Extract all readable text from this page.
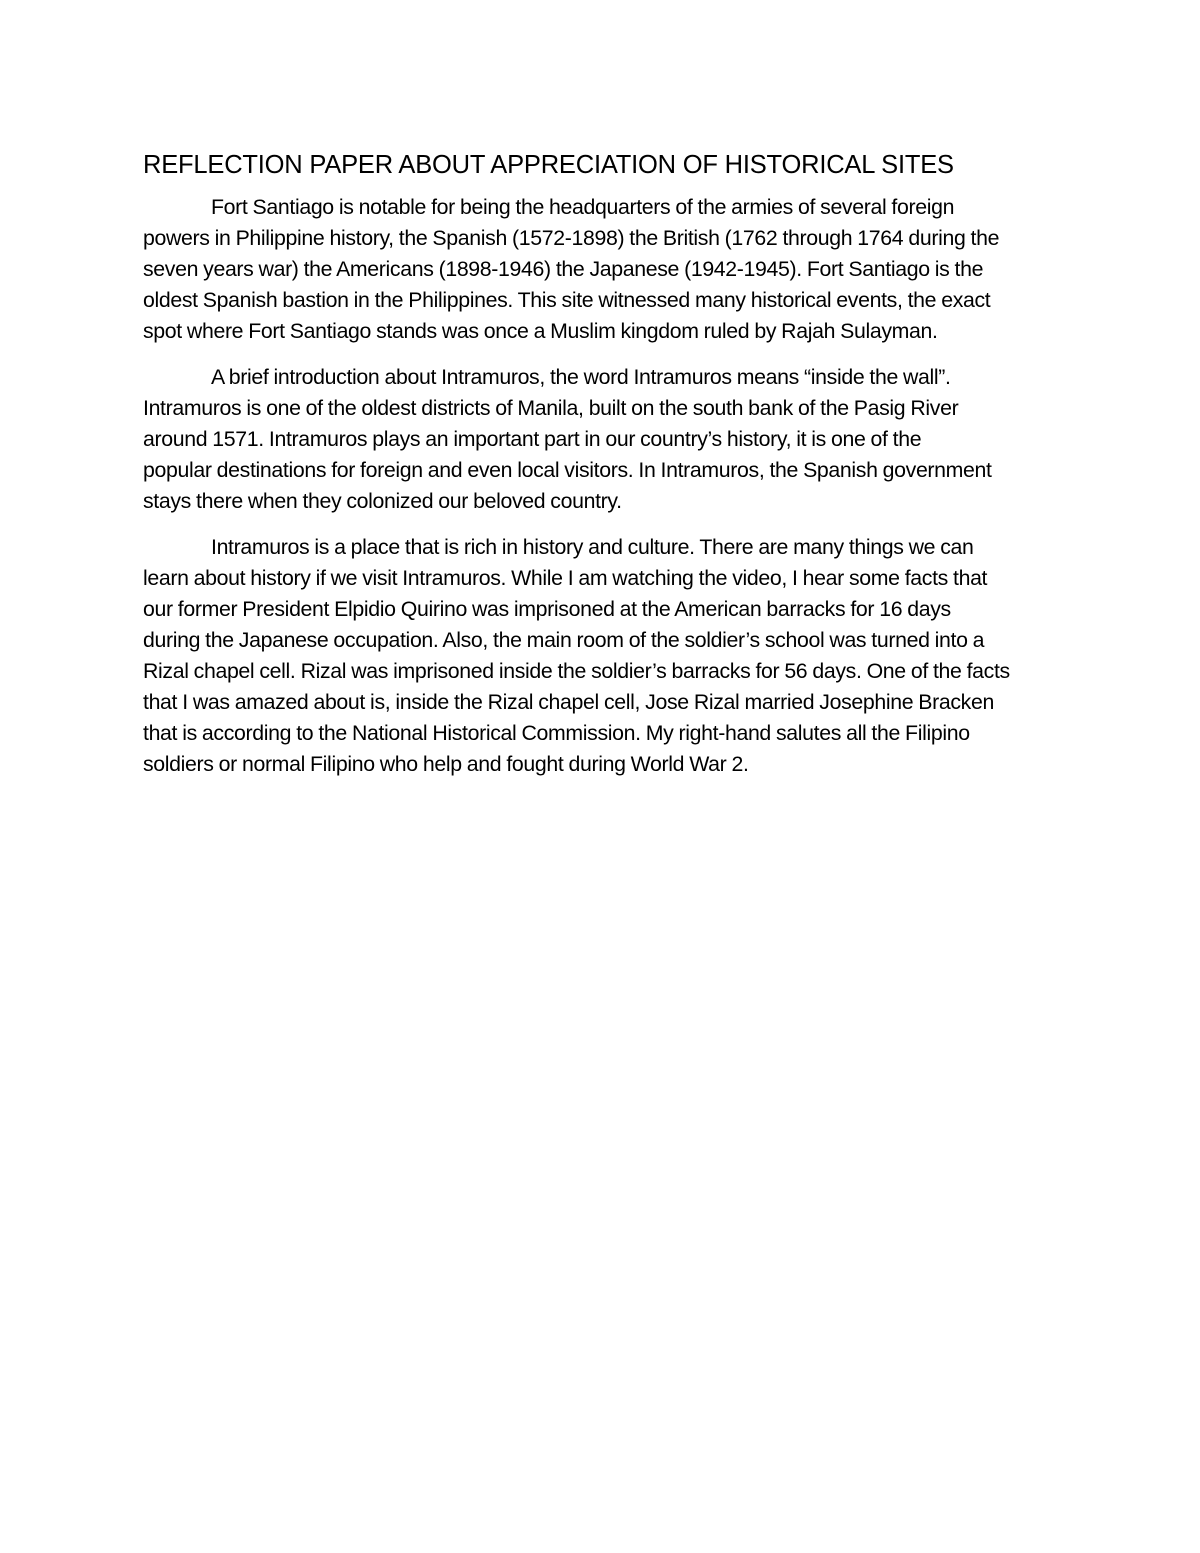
REFLECTION PAPER ABOUT APPRECIATION OF HISTORICAL SITES

Fort Santiago is notable for being the headquarters of the armies of several foreign
powers in Philippine history, the Spanish (1572-1898) the British (1762 through 1764 during the
seven years war) the Americans (1898-1946) the Japanese (1942-1945). Fort Santiago is the
oldest Spanish bastion in the Philippines. This site witnessed many historical events, the exact
spot where Fort Santiago stands was once a Muslim kingdom ruled by Rajah Sulayman.

A brief introduction about Intramuros, the word Intramuros means “inside the wall”.
Intramuros is one of the oldest districts of Manila, built on the south bank of the Pasig River
around 1571. Intramuros plays an important part in our country’s history, it is one of the
popular destinations for foreign and even local visitors. In Intramuros, the Spanish government
stays there when they colonized our beloved country.

Intramuros is a place that is rich in history and culture. There are many things we can
learn about history if we visit Intramuros. While I am watching the video, I hear some facts that
our former President Elpidio Quirino was imprisoned at the American barracks for 16 days
during the Japanese occupation. Also, the main room of the soldier’s school was turned into a
Rizal chapel cell. Rizal was imprisoned inside the soldier’s barracks for 56 days. One of the facts
that I was amazed about is, inside the Rizal chapel cell, Jose Rizal married Josephine Bracken
that is according to the National Historical Commission. My right-hand salutes all the Filipino
soldiers or normal Filipino who help and fought during World War 2.
